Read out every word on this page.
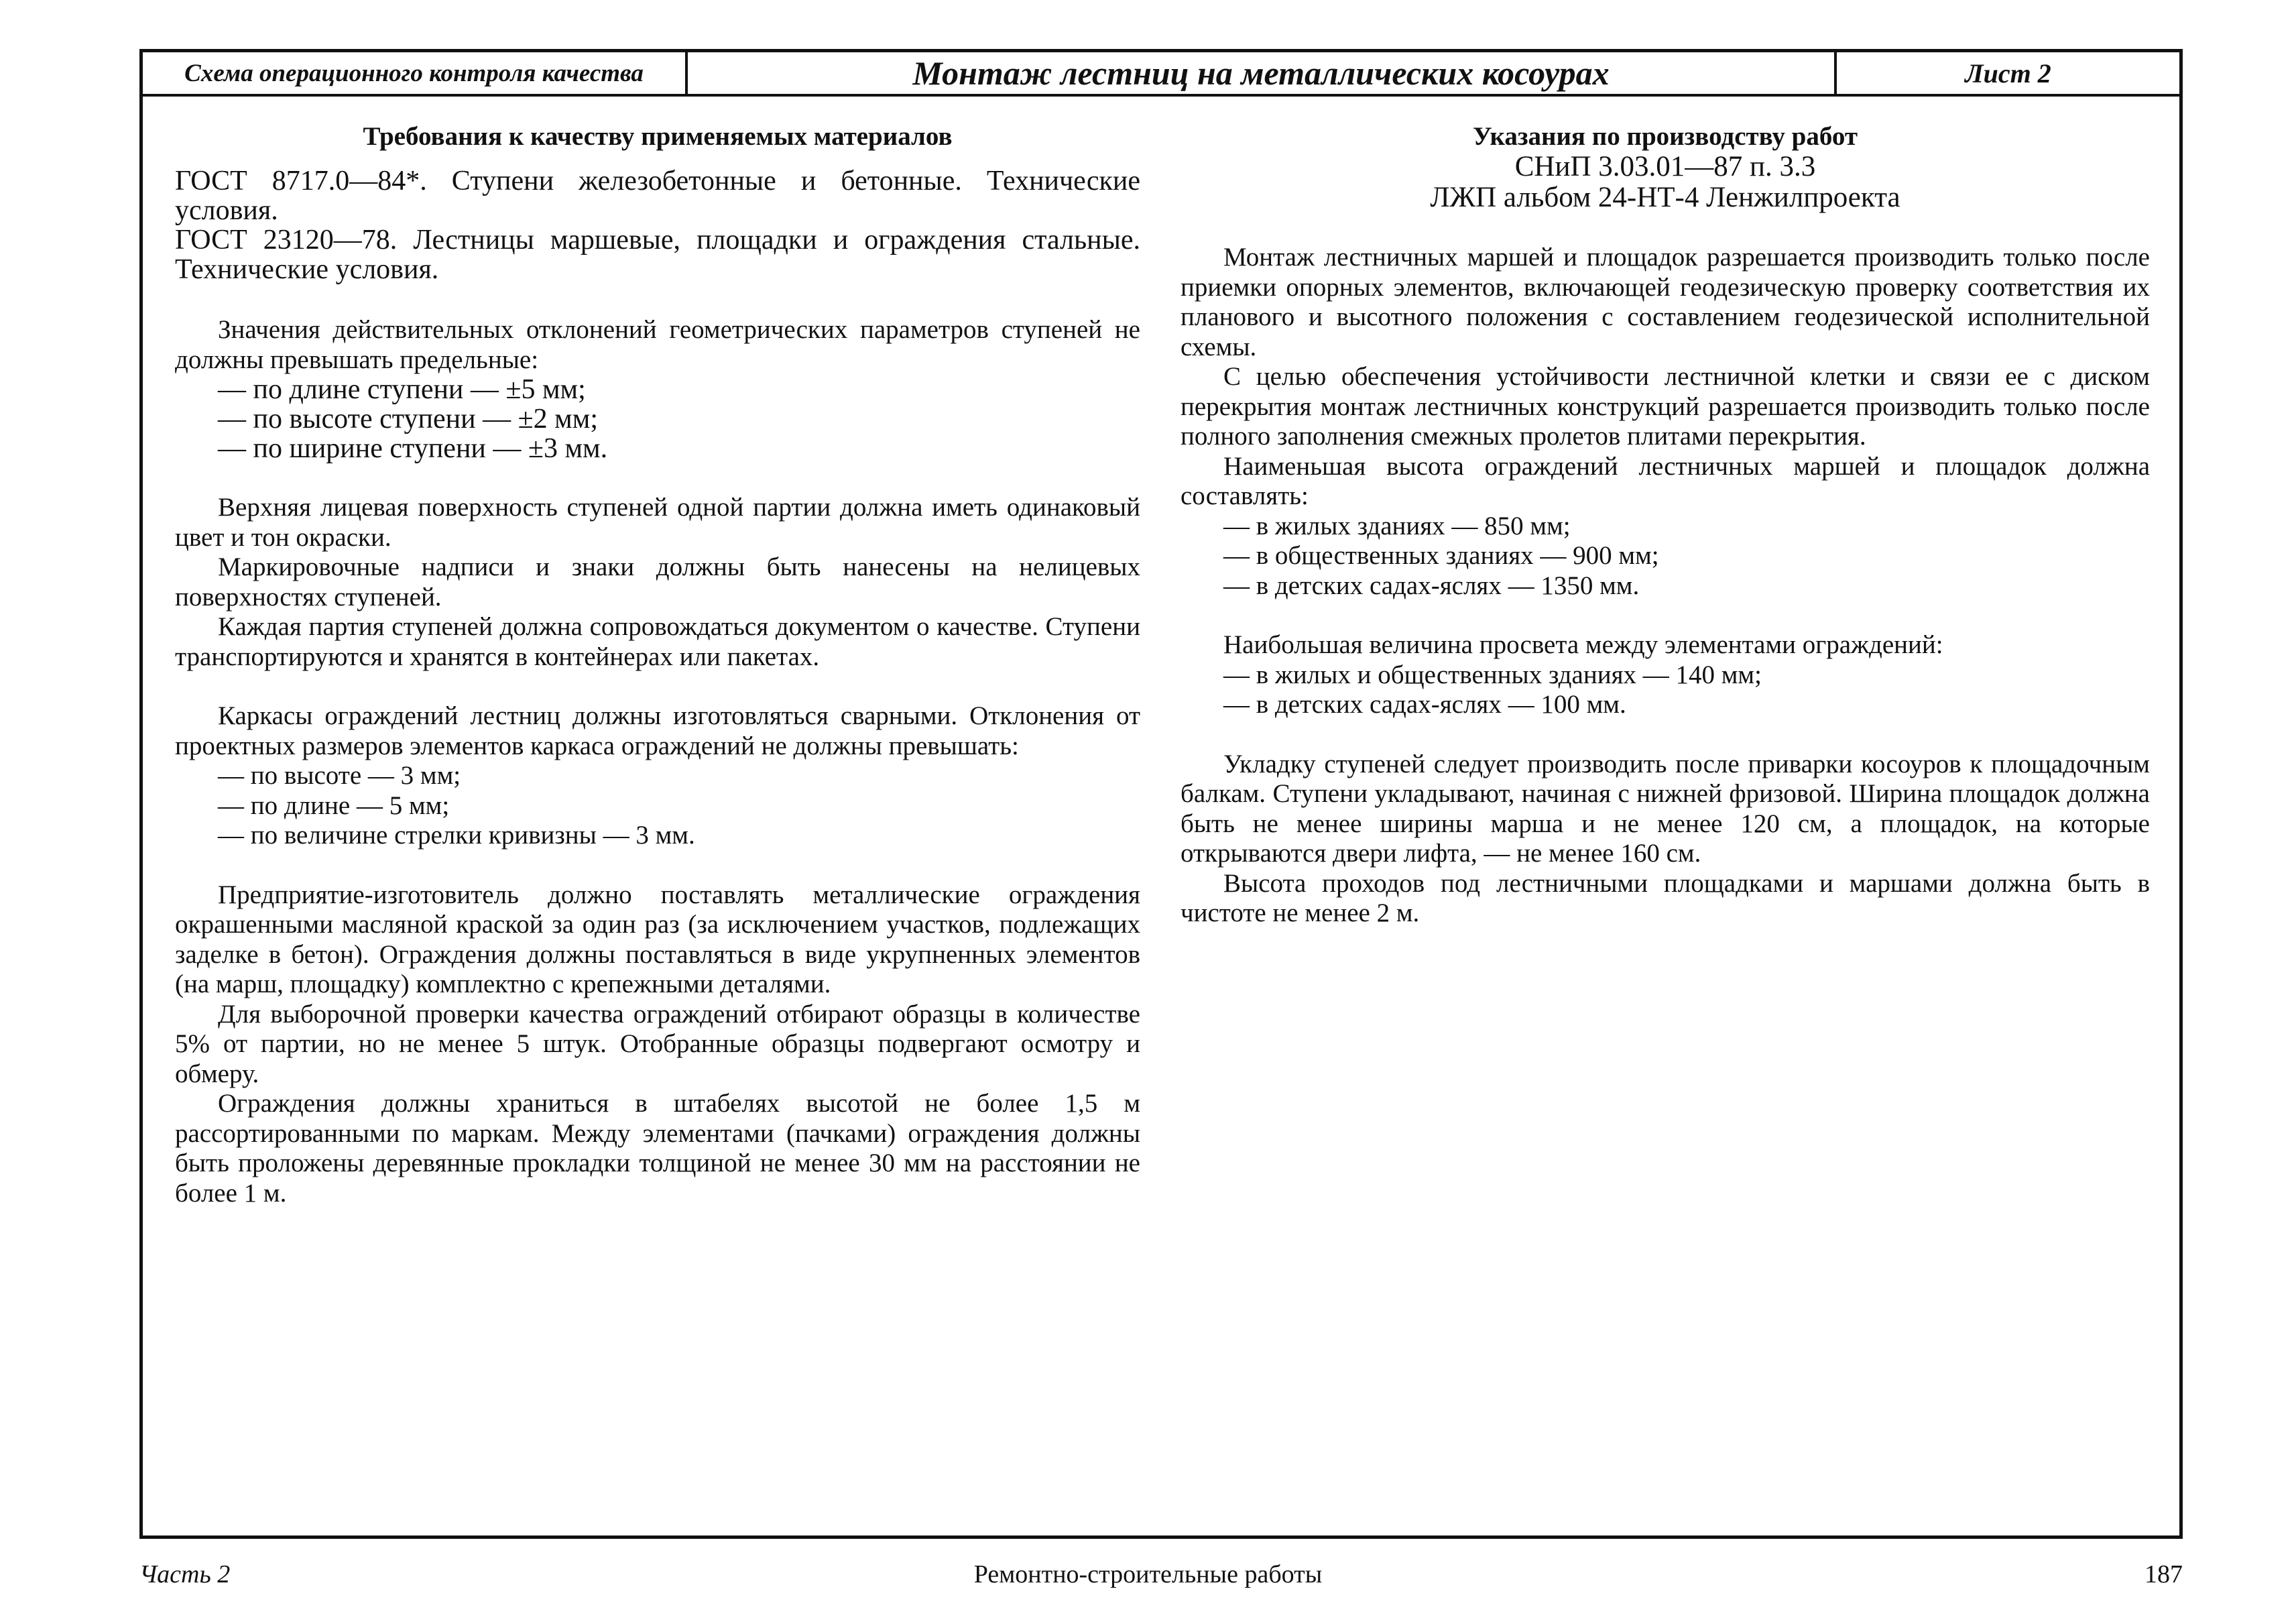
Схема операционного контроля качества	Монтаж лестниц на металлических косоурах	Лист 2
Требования к качеству применяемых материалов

ГОСТ 8717.0—84*. Ступени железобетонные и бетонные. Технические условия.

ГОСТ 23120—78. Лестницы маршевые, площадки и ограждения стальные. Технические условия.

Значения действительных отклонений геометрических параметров ступеней не должны превышать предельные:

— по длине ступени — ±5 мм;
— по высоте ступени — ±2 мм;
— по ширине ступени — ±3 мм.

Верхняя лицевая поверхность ступеней одной партии должна иметь одинаковый цвет и тон окраски.

Маркировочные надписи и знаки должны быть нанесены на нелицевых поверхностях ступеней.

Каждая партия ступеней должна сопровождаться документом о качестве. Ступени транспортируются и хранятся в контейнерах или пакетах.

Каркасы ограждений лестниц должны изготовляться сварными. Отклонения от проектных размеров элементов каркаса ограждений не должны превышать:

— по высоте — 3 мм;
— по длине — 5 мм;
— по величине стрелки кривизны — 3 мм.

Предприятие-изготовитель должно поставлять металлические ограждения окрашенными масляной краской за один раз (за исключением участков, подлежащих заделке в бетон). Ограждения должны поставляться в виде укрупненных элементов (на марш, площадку) комплектно с крепежными деталями.

Для выборочной проверки качества ограждений отбирают образцы в количестве 5% от партии, но не менее 5 штук. Отобранные образцы подвергают осмотру и обмеру.

Ограждения должны храниться в штабелях высотой не более 1,5 м рассортированными по маркам. Между элементами (пачками) ограждения должны быть проложены деревянные прокладки толщиной не менее 30 мм на расстоянии не более 1 м.

Указания по производству работ

СНиП 3.03.01—87 п. 3.3

ЛЖП альбом 24-НТ-4 Ленжилпроекта

Монтаж лестничных маршей и площадок разрешается производить только после приемки опорных элементов, включающей геодезическую проверку соответствия их планового и высотного положения с составлением геодезической исполнительной схемы.

С целью обеспечения устойчивости лестничной клетки и связи ее с диском перекрытия монтаж лестничных конструкций разрешается производить только после полного заполнения смежных пролетов плитами перекрытия.

Наименьшая высота ограждений лестничных маршей и площадок должна составлять:

— в жилых зданиях — 850 мм;
— в общественных зданиях — 900 мм;
— в детских садах-яслях — 1350 мм.

Наибольшая величина просвета между элементами ограждений:

— в жилых и общественных зданиях — 140 мм;
— в детских садах-яслях — 100 мм.

Укладку ступеней следует производить после приварки косоуров к площадочным балкам. Ступени укладывают, начиная с нижней фризовой. Ширина площадок должна быть не менее ширины марша и не менее 120 см, а площадок, на которые открываются двери лифта, — не менее 160 см.

Высота проходов под лестничными площадками и маршами должна быть в чистоте не менее 2 м.

Часть 2	Ремонтно-строительные работы	187
